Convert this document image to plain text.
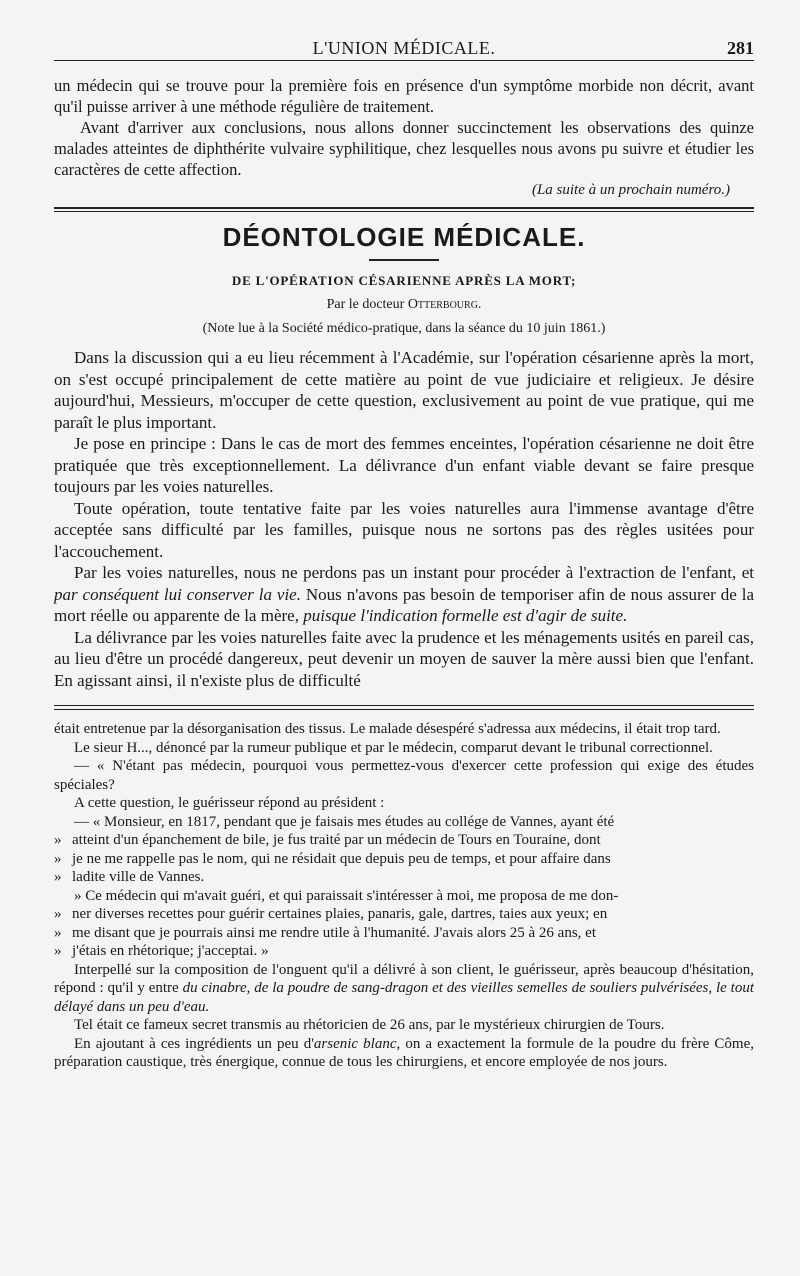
L'UNION MÉDICALE.	281

un médecin qui se trouve pour la première fois en présence d'un symptôme morbide non décrit, avant qu'il puisse arriver à une méthode régulière de traitement.

Avant d'arriver aux conclusions, nous allons donner succinctement les observations des quinze malades atteintes de diphthérite vulvaire syphilitique, chez lesquelles nous avons pu suivre et étudier les caractères de cette affection.

(La suite à un prochain numéro.)
DÉONTOLOGIE MÉDICALE.
DE L'OPÉRATION CÉSARIENNE APRÈS LA MORT;
Par le docteur Otterbourg.
(Note lue à la Société médico-pratique, dans la séance du 10 juin 1861.)

Dans la discussion qui a eu lieu récemment à l'Académie, sur l'opération césarienne après la mort, on s'est occupé principalement de cette matière au point de vue judiciaire et religieux. Je désire aujourd'hui, Messieurs, m'occuper de cette question, exclusivement au point de vue pratique, qui me paraît le plus important.

Je pose en principe : Dans le cas de mort des femmes enceintes, l'opération césarienne ne doit être pratiquée que très exceptionnellement. La délivrance d'un enfant viable devant se faire presque toujours par les voies naturelles.

Toute opération, toute tentative faite par les voies naturelles aura l'immense avantage d'être acceptée sans difficulté par les familles, puisque nous ne sortons pas des règles usitées pour l'accouchement.

Par les voies naturelles, nous ne perdons pas un instant pour procéder à l'extraction de l'enfant, et par conséquent lui conserver la vie. Nous n'avons pas besoin de temporiser afin de nous assurer de la mort réelle ou apparente de la mère, puisque l'indication formelle est d'agir de suite.

La délivrance par les voies naturelles faite avec la prudence et les ménagements usités en pareil cas, au lieu d'être un procédé dangereux, peut devenir un moyen de sauver la mère aussi bien que l'enfant. En agissant ainsi, il n'existe plus de difficulté

était entretenue par la désorganisation des tissus. Le malade désespéré s'adressa aux médecins, il était trop tard.

Le sieur H..., dénoncé par la rumeur publique et par le médecin, comparut devant le tribunal correctionnel.

— « N'étant pas médecin, pourquoi vous permettez-vous d'exercer cette profession qui exige des études spéciales?

A cette question, le guérisseur répond au président :

— « Monsieur, en 1817, pendant que je faisais mes études au collége de Vannes, ayant été

» atteint d'un épanchement de bile, je fus traité par un médecin de Tours en Touraine, dont

» je ne me rappelle pas le nom, qui ne résidait que depuis peu de temps, et pour affaire dans

» ladite ville de Vannes.

» Ce médecin qui m'avait guéri, et qui paraissait s'intéresser à moi, me proposa de me don-

» ner diverses recettes pour guérir certaines plaies, panaris, gale, dartres, taies aux yeux; en

» me disant que je pourrais ainsi me rendre utile à l'humanité. J'avais alors 25 à 26 ans, et

» j'étais en rhétorique; j'acceptai. »

Interpellé sur la composition de l'onguent qu'il a délivré à son client, le guérisseur, après beaucoup d'hésitation, répond : qu'il y entre du cinabre, de la poudre de sang-dragon et des vieilles semelles de souliers pulvérisées, le tout délayé dans un peu d'eau.

Tel était ce fameux secret transmis au rhétoricien de 26 ans, par le mystérieux chirurgien de Tours.

En ajoutant à ces ingrédients un peu d'arsenic blanc, on a exactement la formule de la poudre du frère Côme, préparation caustique, très énergique, connue de tous les chirurgiens, et encore employée de nos jours.
